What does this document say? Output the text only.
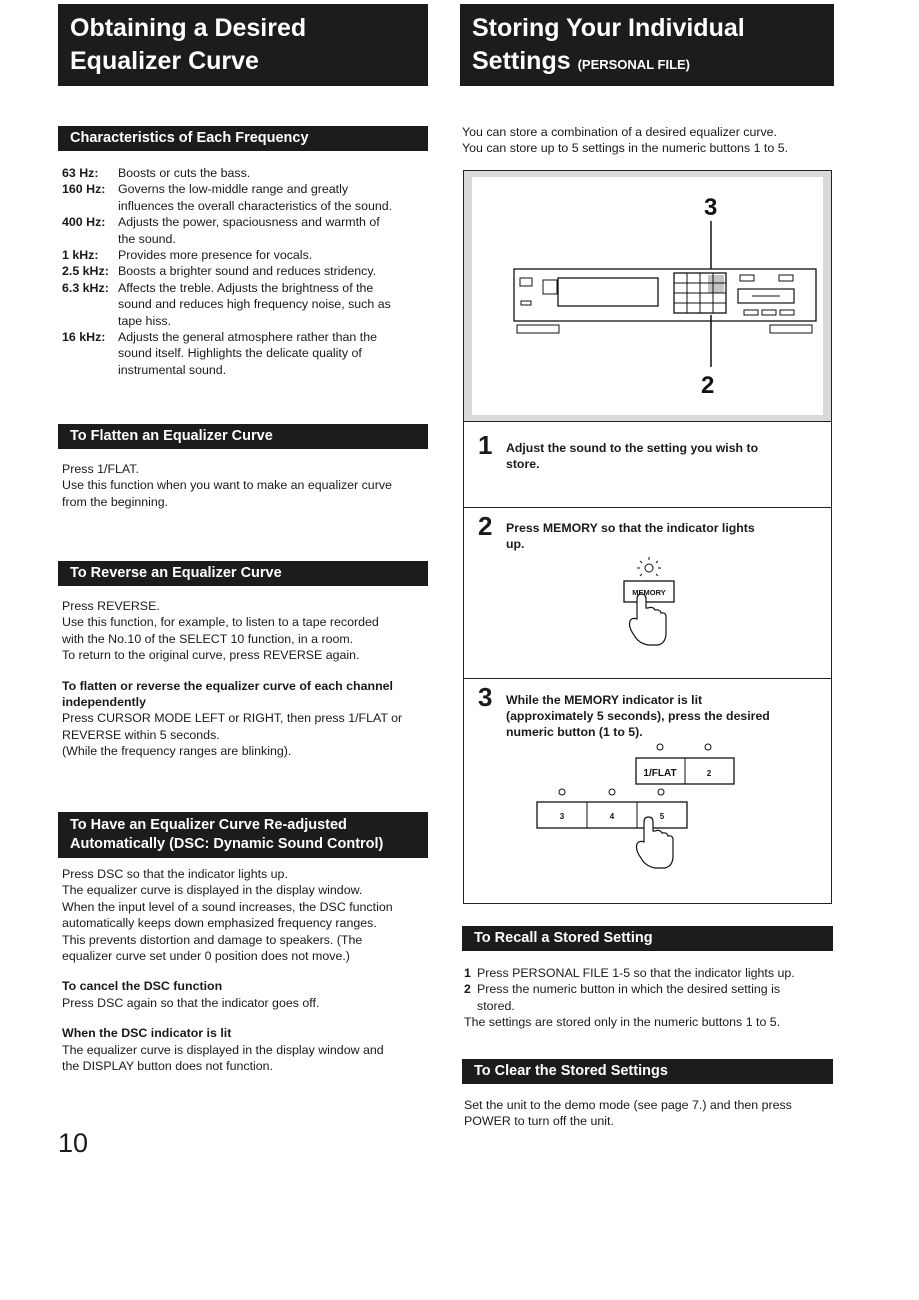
Obtaining a Desired
Equalizer Curve
Characteristics of Each Frequency
63 Hz:	Boosts or cuts the bass.
160 Hz:	Governs the low-middle range and greatly
influences the overall characteristics of the sound.
400 Hz:	Adjusts the power, spaciousness and warmth of
the sound.
1 kHz:	Provides more presence for vocals.
2.5 kHz: Boosts a brighter sound and reduces stridency.
6.3 kHz: Affects the treble. Adjusts the brightness of the
sound and reduces high frequency noise, such as
tape hiss.
16 kHz:	Adjusts the general atmosphere rather than the
sound itself. Highlights the delicate quality of
instrumental sound.
To Flatten an Equalizer Curve
Press 1/FLAT.
Use this function when you want to make an equalizer curve
from the beginning.
To Reverse an Equalizer Curve
Press REVERSE.
Use this function, for example, to listen to a tape recorded
with the No.10 of the SELECT 10 function, in a room.
To return to the original curve, press REVERSE again.
To flatten or reverse the equalizer curve of each channel
independently
Press CURSOR MODE LEFT or RIGHT, then press 1/FLAT or
REVERSE within 5 seconds.
(While the frequency ranges are blinking).
To Have an Equalizer Curve Re-adjusted
Automatically (DSC: Dynamic Sound Control)
Press DSC so that the indicator lights up.
The equalizer curve is displayed in the display window.
When the input level of a sound increases, the DSC function
automatically keeps down emphasized frequency ranges.
This prevents distortion and damage to speakers. (The
equalizer curve set under 0 position does not move.)
To cancel the DSC function
Press DSC again so that the indicator goes off.
When the DSC indicator is lit
The equalizer curve is displayed in the display window and
the DISPLAY button does not function.
10
Storing Your Individual
Settings (PERSONAL FILE)
You can store a combination of a desired equalizer curve.
You can store up to 5 settings in the numeric buttons 1 to 5.
3
2
1 Adjust the sound to the setting you wish to
store.
2 Press MEMORY so that the indicator lights
up.
MEMORY
3 While the MEMORY indicator is lit
(approximately 5 seconds), press the desired
numeric button (1 to 5).
1/FLAT	2
3	4	5
To Recall a Stored Setting
1 Press PERSONAL FILE 1-5 so that the indicator lights up.
2 Press the numeric button in which the desired setting is
stored.
The settings are stored only in the numeric buttons 1 to 5.
To Clear the Stored Settings
Set the unit to the demo mode (see page 7.) and then press
POWER to turn off the unit.
